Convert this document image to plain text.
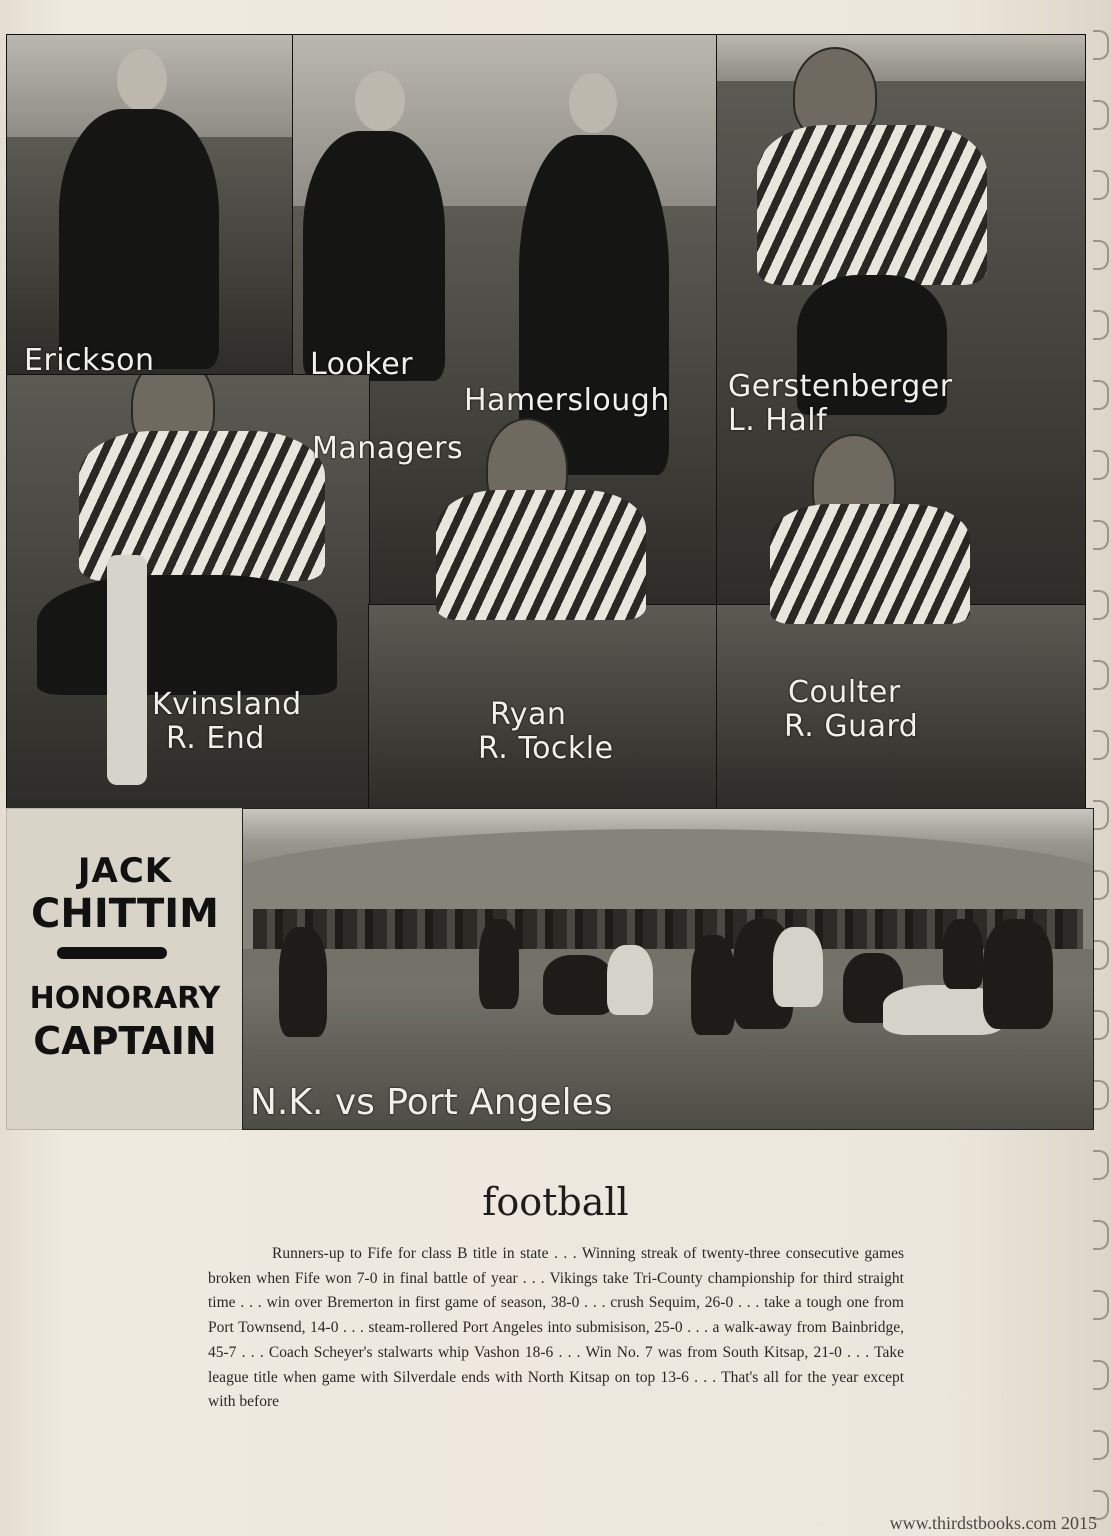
Erickson	Looker
Hamerslough
Managers
Gerstenberger
L. Half
Kvinsland
R. End
Ryan
R. Tockle
Coulter
R. Guard
JACK
CHITTIM
HONORARY
CAPTAIN
N.K. vs Port Angeles
football
Runners-up to Fife for class B title in state . . . Winning streak of twenty-three consecutive games broken when Fife won 7-0 in final battle of year . . . Vikings take Tri-County championship for third straight time . . . win over Bremerton in first game of season, 38-0 . . . crush Sequim, 26-0 . . . take a tough one from Port Townsend, 14-0 . . . steam-rollered Port Angeles into submisison, 25-0 . . . a walk-away from Bainbridge, 45-7 . . . Coach Scheyer's stalwarts whip Vashon 18-6 . . . Win No. 7 was from South Kitsap, 21-0 . . . Take league title when game with Silverdale ends with North Kitsap on top 13-6 . . . That's all for the year except with before
www.thirdstbooks.com 2015
